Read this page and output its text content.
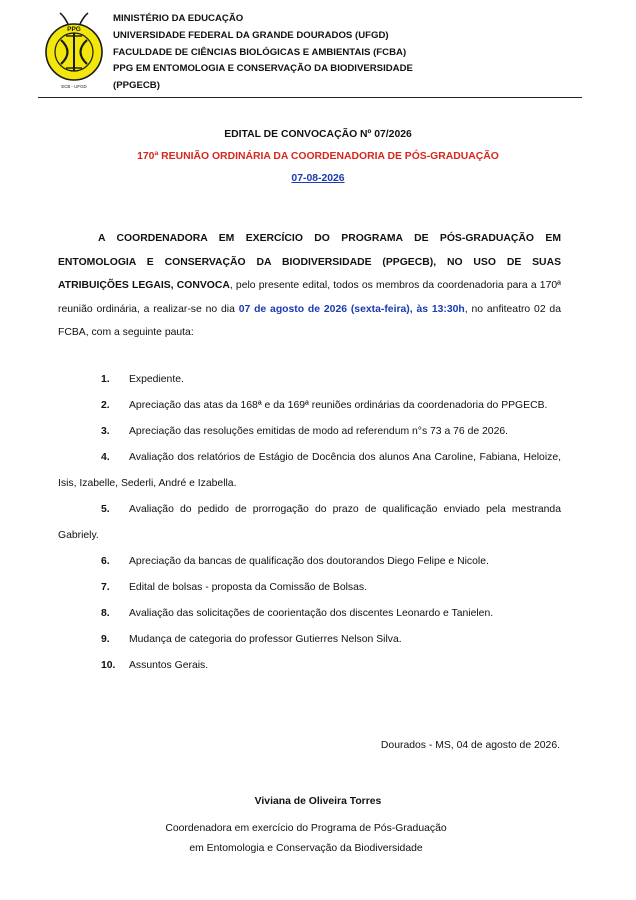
PPG
ECB - UFGD
MINISTÉRIO DA EDUCAÇÃO
UNIVERSIDADE FEDERAL DA GRANDE DOURADOS (UFGD)
FACULDADE DE CIÊNCIAS BIOLÓGICAS E AMBIENTAIS (FCBA)
PPG EM ENTOMOLOGIA E CONSERVAÇÃO DA BIODIVERSIDADE
(PPGECB)
EDITAL DE CONVOCAÇÃO Nº 07/2026
170ª REUNIÃO ORDINÁRIA DA COORDENADORIA DE PÓS-GRADUAÇÃO
07-08-2026
A COORDENADORA EM EXERCÍCIO DO PROGRAMA DE PÓS-GRADUAÇÃO EM ENTOMOLOGIA E CONSERVAÇÃO DA BIODIVERSIDADE (PPGECB), NO USO DE SUAS ATRIBUIÇÕES LEGAIS, CONVOCA, pelo presente edital, todos os membros da coordenadoria para a 170ª reunião ordinária, a realizar-se no dia 07 de agosto de 2026 (sexta-feira), às 13:30h, no anfiteatro 02 da FCBA, com a seguinte pauta:

1. Expediente.

2. Apreciação das atas da 168ª e da 169ª reuniões ordinárias da coordenadoria do PPGECB.

3. Apreciação das resoluções emitidas de modo ad referendum n°s 73 a 76 de 2026.

4. Avaliação dos relatórios de Estágio de Docência dos alunos Ana Caroline, Fabiana, Heloize, Isis, Izabelle, Sederli, André e Izabella.

5. Avaliação do pedido de prorrogação do prazo de qualificação enviado pela mestranda Gabriely.

6. Apreciação da bancas de qualificação dos doutorandos Diego Felipe e Nicole.

7. Edital de bolsas - proposta da Comissão de Bolsas.

8. Avaliação das solicitações de coorientação dos discentes Leonardo e Tanielen.

9. Mudança de categoria do professor Gutierres Nelson Silva.

10. Assuntos Gerais.

Dourados - MS, 04 de agosto de 2026.
Viviana de Oliveira Torres
Coordenadora em exercício do Programa de Pós-Graduação
em Entomologia e Conservação da Biodiversidade
